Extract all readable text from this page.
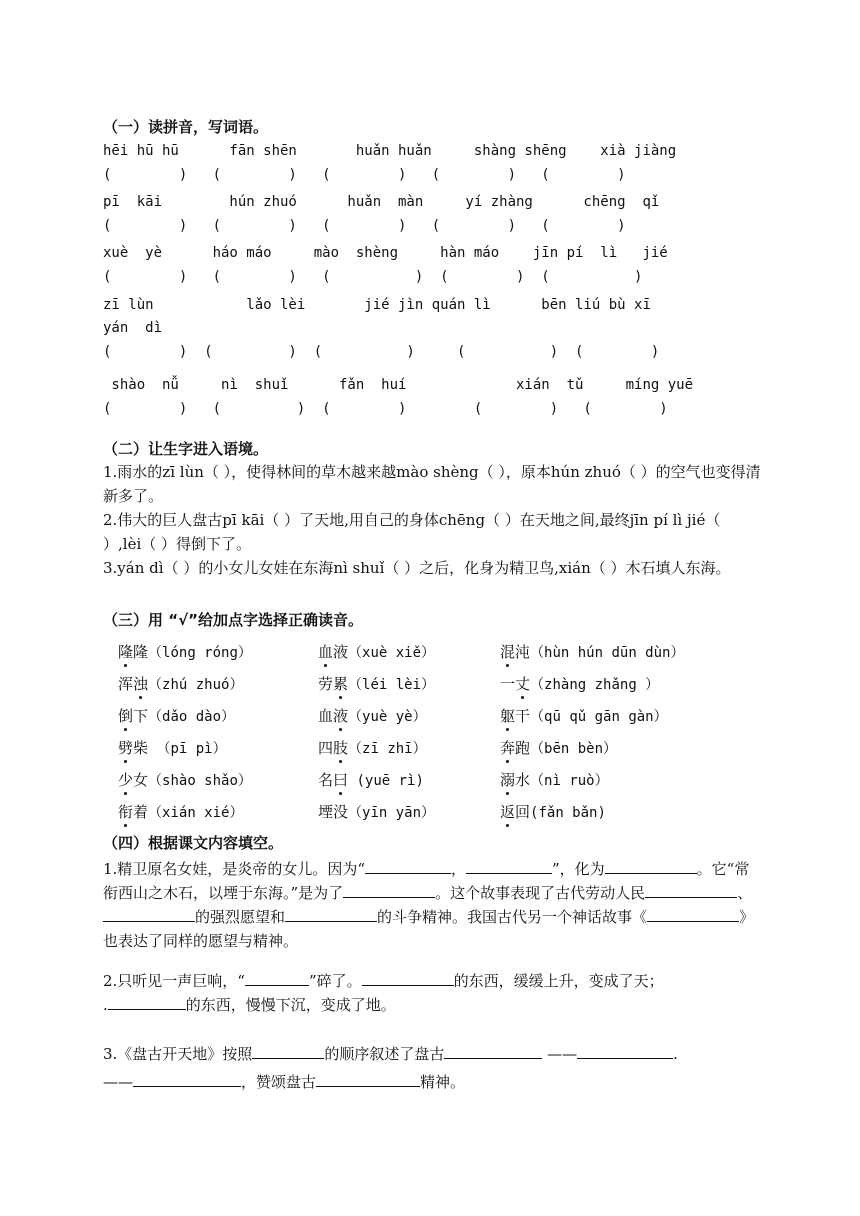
（一）读拼音，写词语。
hēi hū hū      fān shēn       huǎn huǎn     shàng shēng    xià jiàng
(        )   (        )   (        )   (        )   (        )
pī  kāi        hún zhuó      huǎn  màn     yí zhàng      chēng  qǐ
(        )   (        )   (        )   (        )   (        )
xuè  yè      háo máo     mào  shèng     hàn máo    jīn pí  lì   jié
(        )   (        )   (          )  (        )  (          )
zī lùn           lǎo lèi       jié jìn quán lì      bēn liú bù xī
yán  dì
(        )  (         )  (          )     (          )  (        )
shào  nǚ     nì  shuǐ      fǎn  huí             xián  tǔ     míng yuē
(        )   (         )  (        )        (        )   (        )
（二）让生字进入语境。
1.雨水的zī lùn（ ），使得林间的草木越来越mào shèng（ ），原本hún zhuó（ ）的空气也变得清新多了。
2.伟大的巨人盘古pī kāi（ ）了天地,用自己的身体chēng（ ）在天地之间,最终jīn pí lì jié（ ）,lèi（ ）得倒下了。
3.yán dì（ ）的小女儿女娃在东海nì shuǐ（ ）之后，化身为精卫鸟,xián（ ）木石填人东海。
（三）用 “√”给加点字选择正确读音。
隆隆（lóng róng）	血液（xuè xiě）	混沌（hùn hún dūn dùn）
浑浊（zhú zhuó）	劳累（léi lèi）	一丈（zhàng zhǎng ）
倒下（dǎo dào）	血液（yuè yè）	躯干（qū qǔ gān gàn）
劈柴 （pī pì）	四肢（zī zhī）	奔跑（bēn bèn）
少女（shào shǎo）	名曰 (yuē rì)	溺水（nì ruò）
衔着（xián xié）	堙没（yīn yān）	返回(fǎn bǎn)
（四）根据课文内容填空。
1.精卫原名女娃，是炎帝的女儿。因为“	，	”，化为	。它“常衔西山之木石，以堙于东海。”是为了	。这个故事表现了古代劳动人民	、的强烈愿望和	的斗争精神。我国古代另一个神话故事《	》也表达了同样的愿望与精神。
2.只听见一声巨响，“	”碎了。	的东西，缓缓上升，变成了天；
.	的东西，慢慢下沉，变成了地。
3.《盘古开天地》按照	的顺序叙述了盘古	——	.
——	，赞颂盘古	精神。
